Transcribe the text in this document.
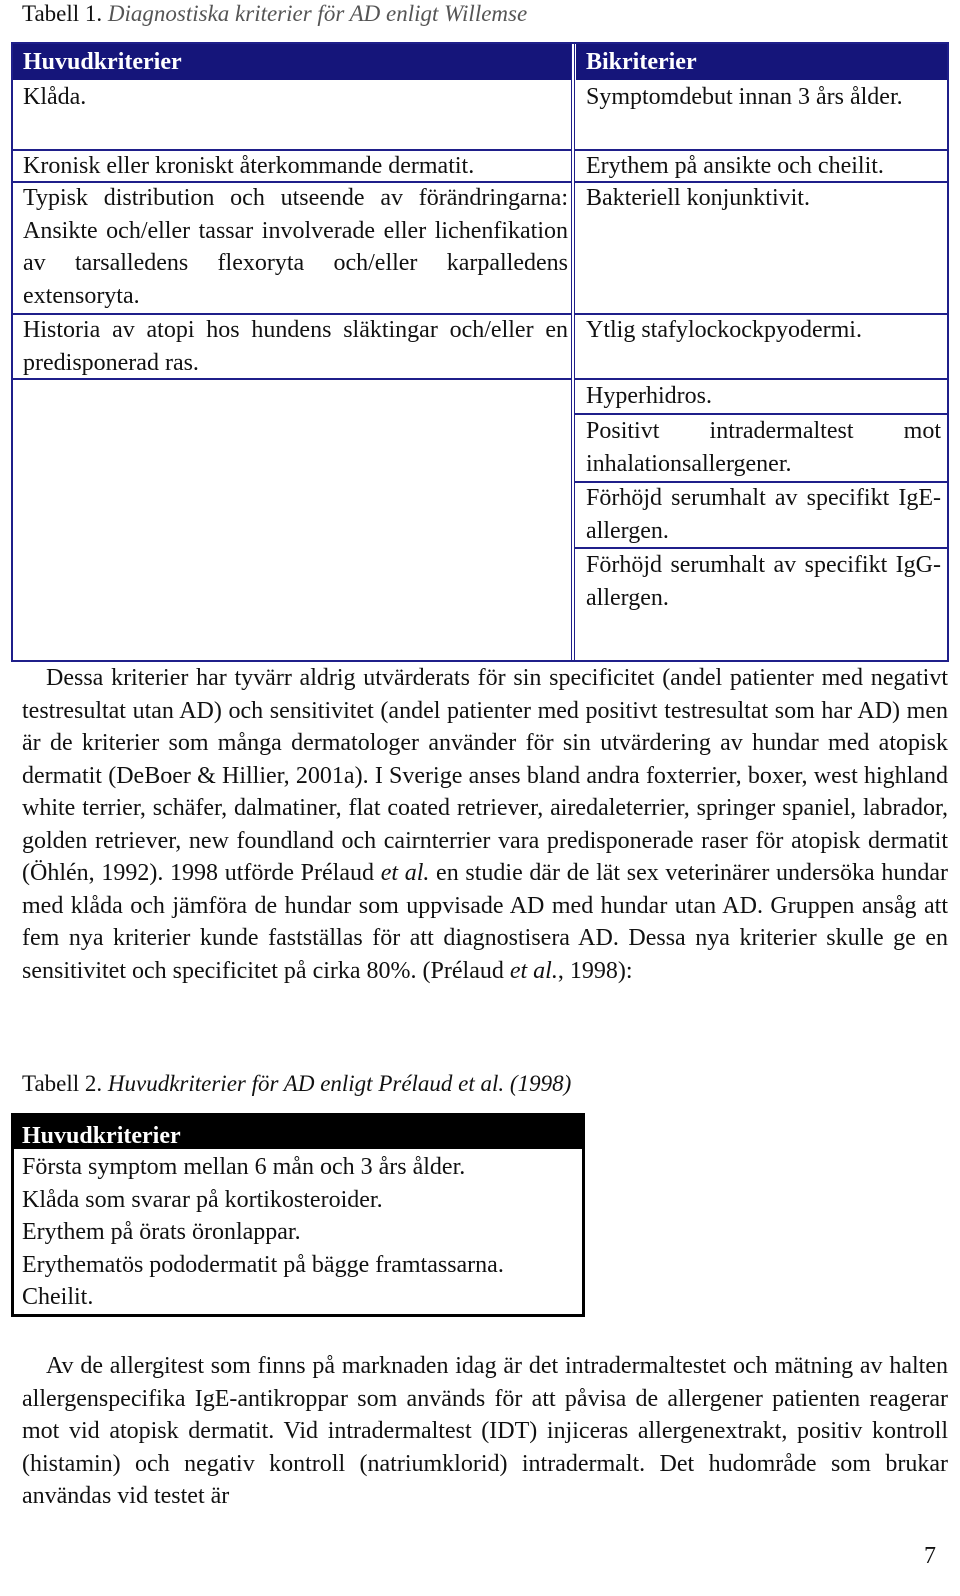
Tabell 1. Diagnostiska kriterier för AD enligt Willemse
Huvudkriterier	Bikriterier
Klåda.
Kronisk eller kroniskt återkommande dermatit.
Typisk distribution och utseende av förändringarna: Ansikte och/eller tassar involverade eller lichenfikation av tarsalledens flexoryta och/eller karpalledens extensoryta.
Historia av atopi hos hundens släktingar och/eller en predisponerad ras.
Symptomdebut innan 3 års ålder.
Erythem på ansikte och cheilit.
Bakteriell konjunktivit.
Ytlig stafylockockpyodermi.
Hyperhidros.
Positivt intradermaltest mot inhalationsallergener.
Förhöjd serumhalt av specifikt IgE-allergen.
Förhöjd serumhalt av specifikt IgG-allergen.
Dessa kriterier har tyvärr aldrig utvärderats för sin specificitet (andel patienter med negativt testresultat utan AD) och sensitivitet (andel patienter med positivt testresultat som har AD) men är de kriterier som många dermatologer använder för sin utvärdering av hundar med atopisk dermatit (DeBoer & Hillier, 2001a). I Sverige anses bland andra foxterrier, boxer, west highland white terrier, schäfer, dalmatiner, flat coated retriever, airedaleterrier, springer spaniel, labrador, golden retriever, new foundland och cairnterrier vara predisponerade raser för atopisk dermatit (Öhlén, 1992). 1998 utförde Prélaud et al. en studie där de lät sex veterinärer undersöka hundar med klåda och jämföra de hundar som uppvisade AD med hundar utan AD. Gruppen ansåg att fem nya kriterier kunde fastställas för att diagnostisera AD. Dessa nya kriterier skulle ge en sensitivitet och specificitet på cirka 80%. (Prélaud et al., 1998):
Tabell 2. Huvudkriterier för AD enligt Prélaud et al. (1998)
Huvudkriterier
Första symptom mellan 6 mån och 3 års ålder.
Klåda som svarar på kortikosteroider.
Erythem på örats öronlappar.
Erythematös pododermatit på bägge framtassarna.
Cheilit.
Av de allergitest som finns på marknaden idag är det intradermaltestet och mätning av halten allergenspecifika IgE-antikroppar som används för att påvisa de allergener patienten reagerar mot vid atopisk dermatit. Vid intradermaltest (IDT) injiceras allergenextrakt, positiv kontroll (histamin) och negativ kontroll (natriumklorid) intradermalt. Det hudområde som brukar användas vid testet är
7
